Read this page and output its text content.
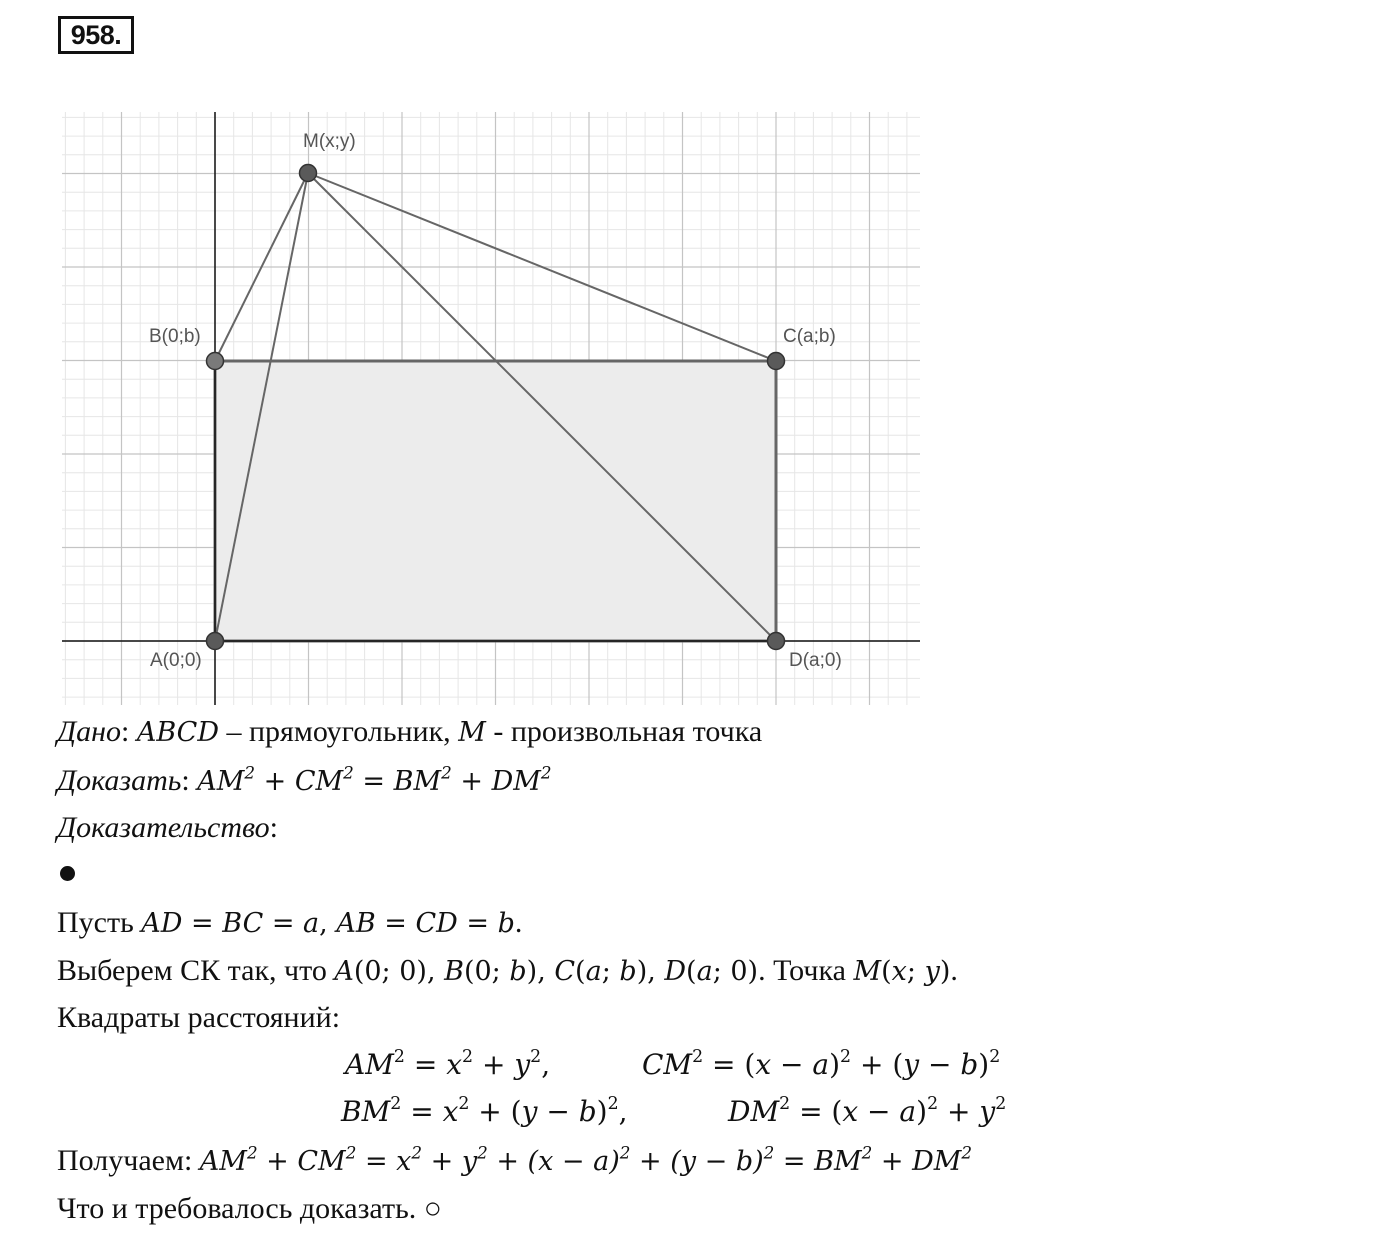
958.
M(x;y)
B(0;b)	C(a;b)
A(0;0)	D(a;0)
Дано: ABCD – прямоугольник, M - произвольная точка
Доказать: $AM^2 + CM^2 = BM^2 + DM^2$
Доказательство:
Пусть AD = BC = a, AB = CD = b.
Выберем СК так, что A(0; 0), B(0; b), C(a; b), D(a; 0). Точка M(x; y).
Квадраты расстояний:
$AM^2 = x^2 + y^2$,	$CM^2 = (x - a)^2 + (y - b)^2$
$BM^2 = x^2 + (y - b)^2$,	$DM^2 = (x - a)^2 + y^2$
Получаем: $AM^2 + CM^2 = x^2 + y^2 + (x - a)^2 + (y - b)^2 = BM^2 + DM^2$
Что и требовалось доказать. ○
